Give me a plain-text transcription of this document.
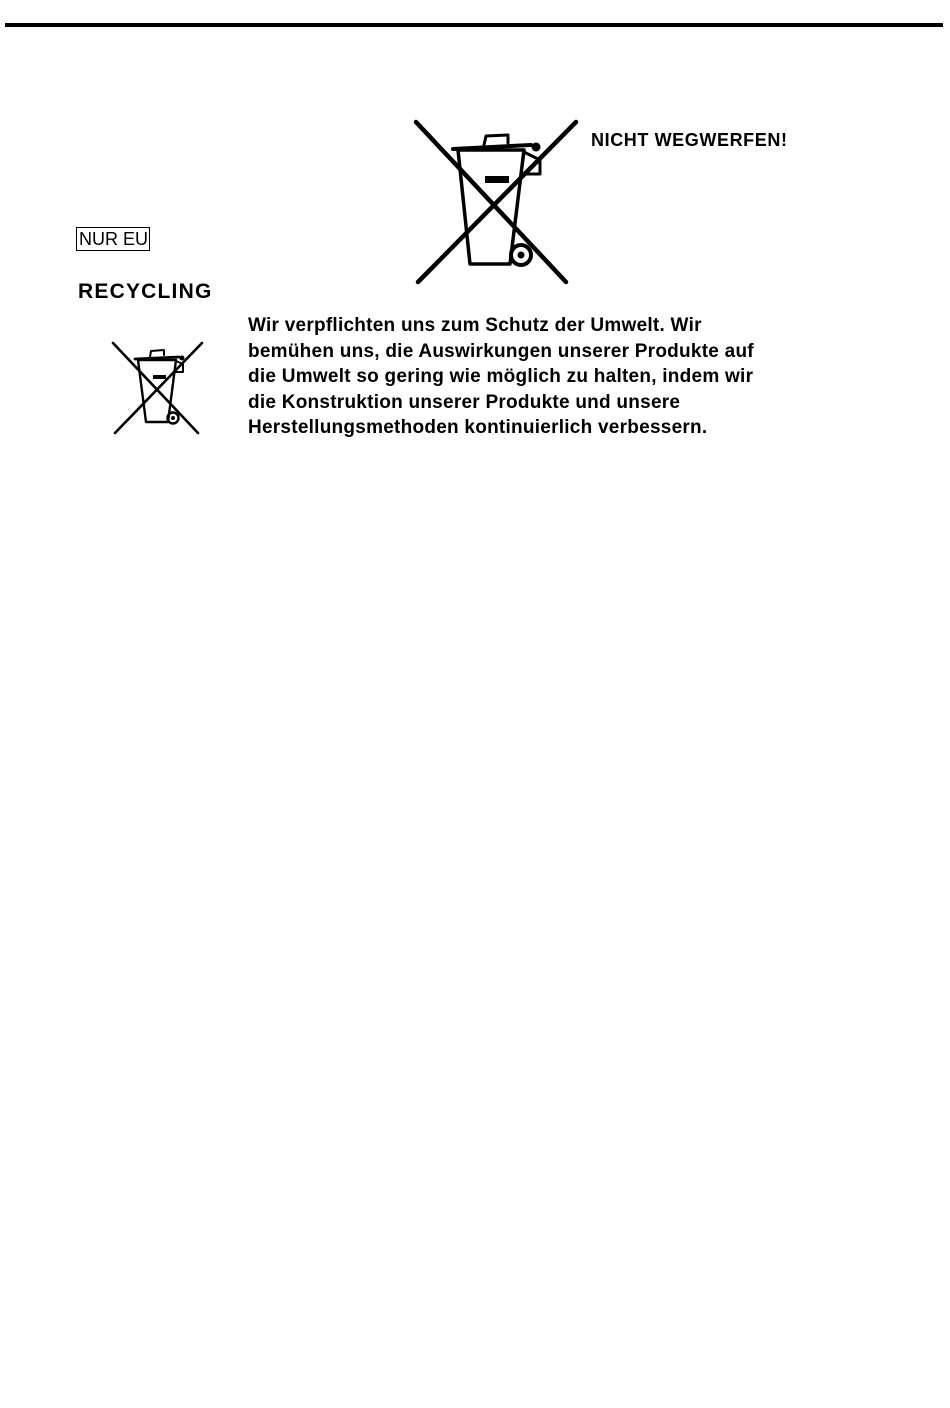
NICHT WEGWERFEN!
NUR EU
RECYCLING

Wir verpflichten uns zum Schutz der Umwelt. Wir
bemühen uns, die Auswirkungen unserer Produkte auf
die Umwelt so gering wie möglich zu halten, indem wir
die Konstruktion unserer Produkte und unsere
Herstellungsmethoden kontinuierlich verbessern.
